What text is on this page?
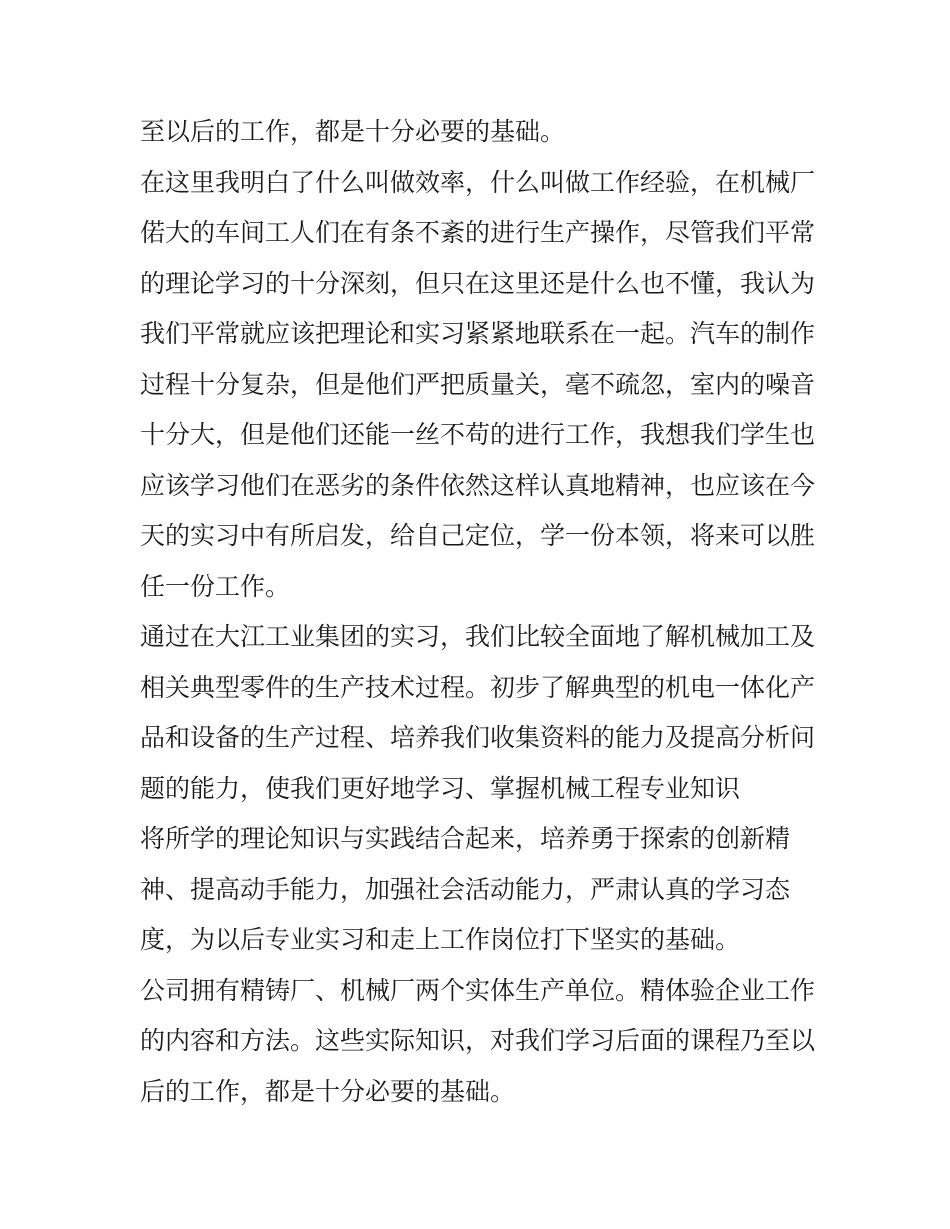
至以后的工作，都是十分必要的基础。
在这里我明白了什么叫做效率，什么叫做工作经验，在机械厂
偌大的车间工人们在有条不紊的进行生产操作，尽管我们平常
的理论学习的十分深刻，但只在这里还是什么也不懂，我认为
我们平常就应该把理论和实习紧紧地联系在一起。汽车的制作
过程十分复杂，但是他们严把质量关，毫不疏忽，室内的噪音
十分大，但是他们还能一丝不苟的进行工作，我想我们学生也
应该学习他们在恶劣的条件依然这样认真地精神，也应该在今
天的实习中有所启发，给自己定位，学一份本领，将来可以胜
任一份工作。
通过在大江工业集团的实习，我们比较全面地了解机械加工及
相关典型零件的生产技术过程。初步了解典型的机电一体化产
品和设备的生产过程、培养我们收集资料的能力及提高分析问
题的能力，使我们更好地学习、掌握机械工程专业知识
将所学的理论知识与实践结合起来，培养勇于探索的创新精
神、提高动手能力，加强社会活动能力，严肃认真的学习态
度，为以后专业实习和走上工作岗位打下坚实的基础。
公司拥有精铸厂、机械厂两个实体生产单位。精体验企业工作
的内容和方法。这些实际知识，对我们学习后面的课程乃至以
后的工作，都是十分必要的基础。
